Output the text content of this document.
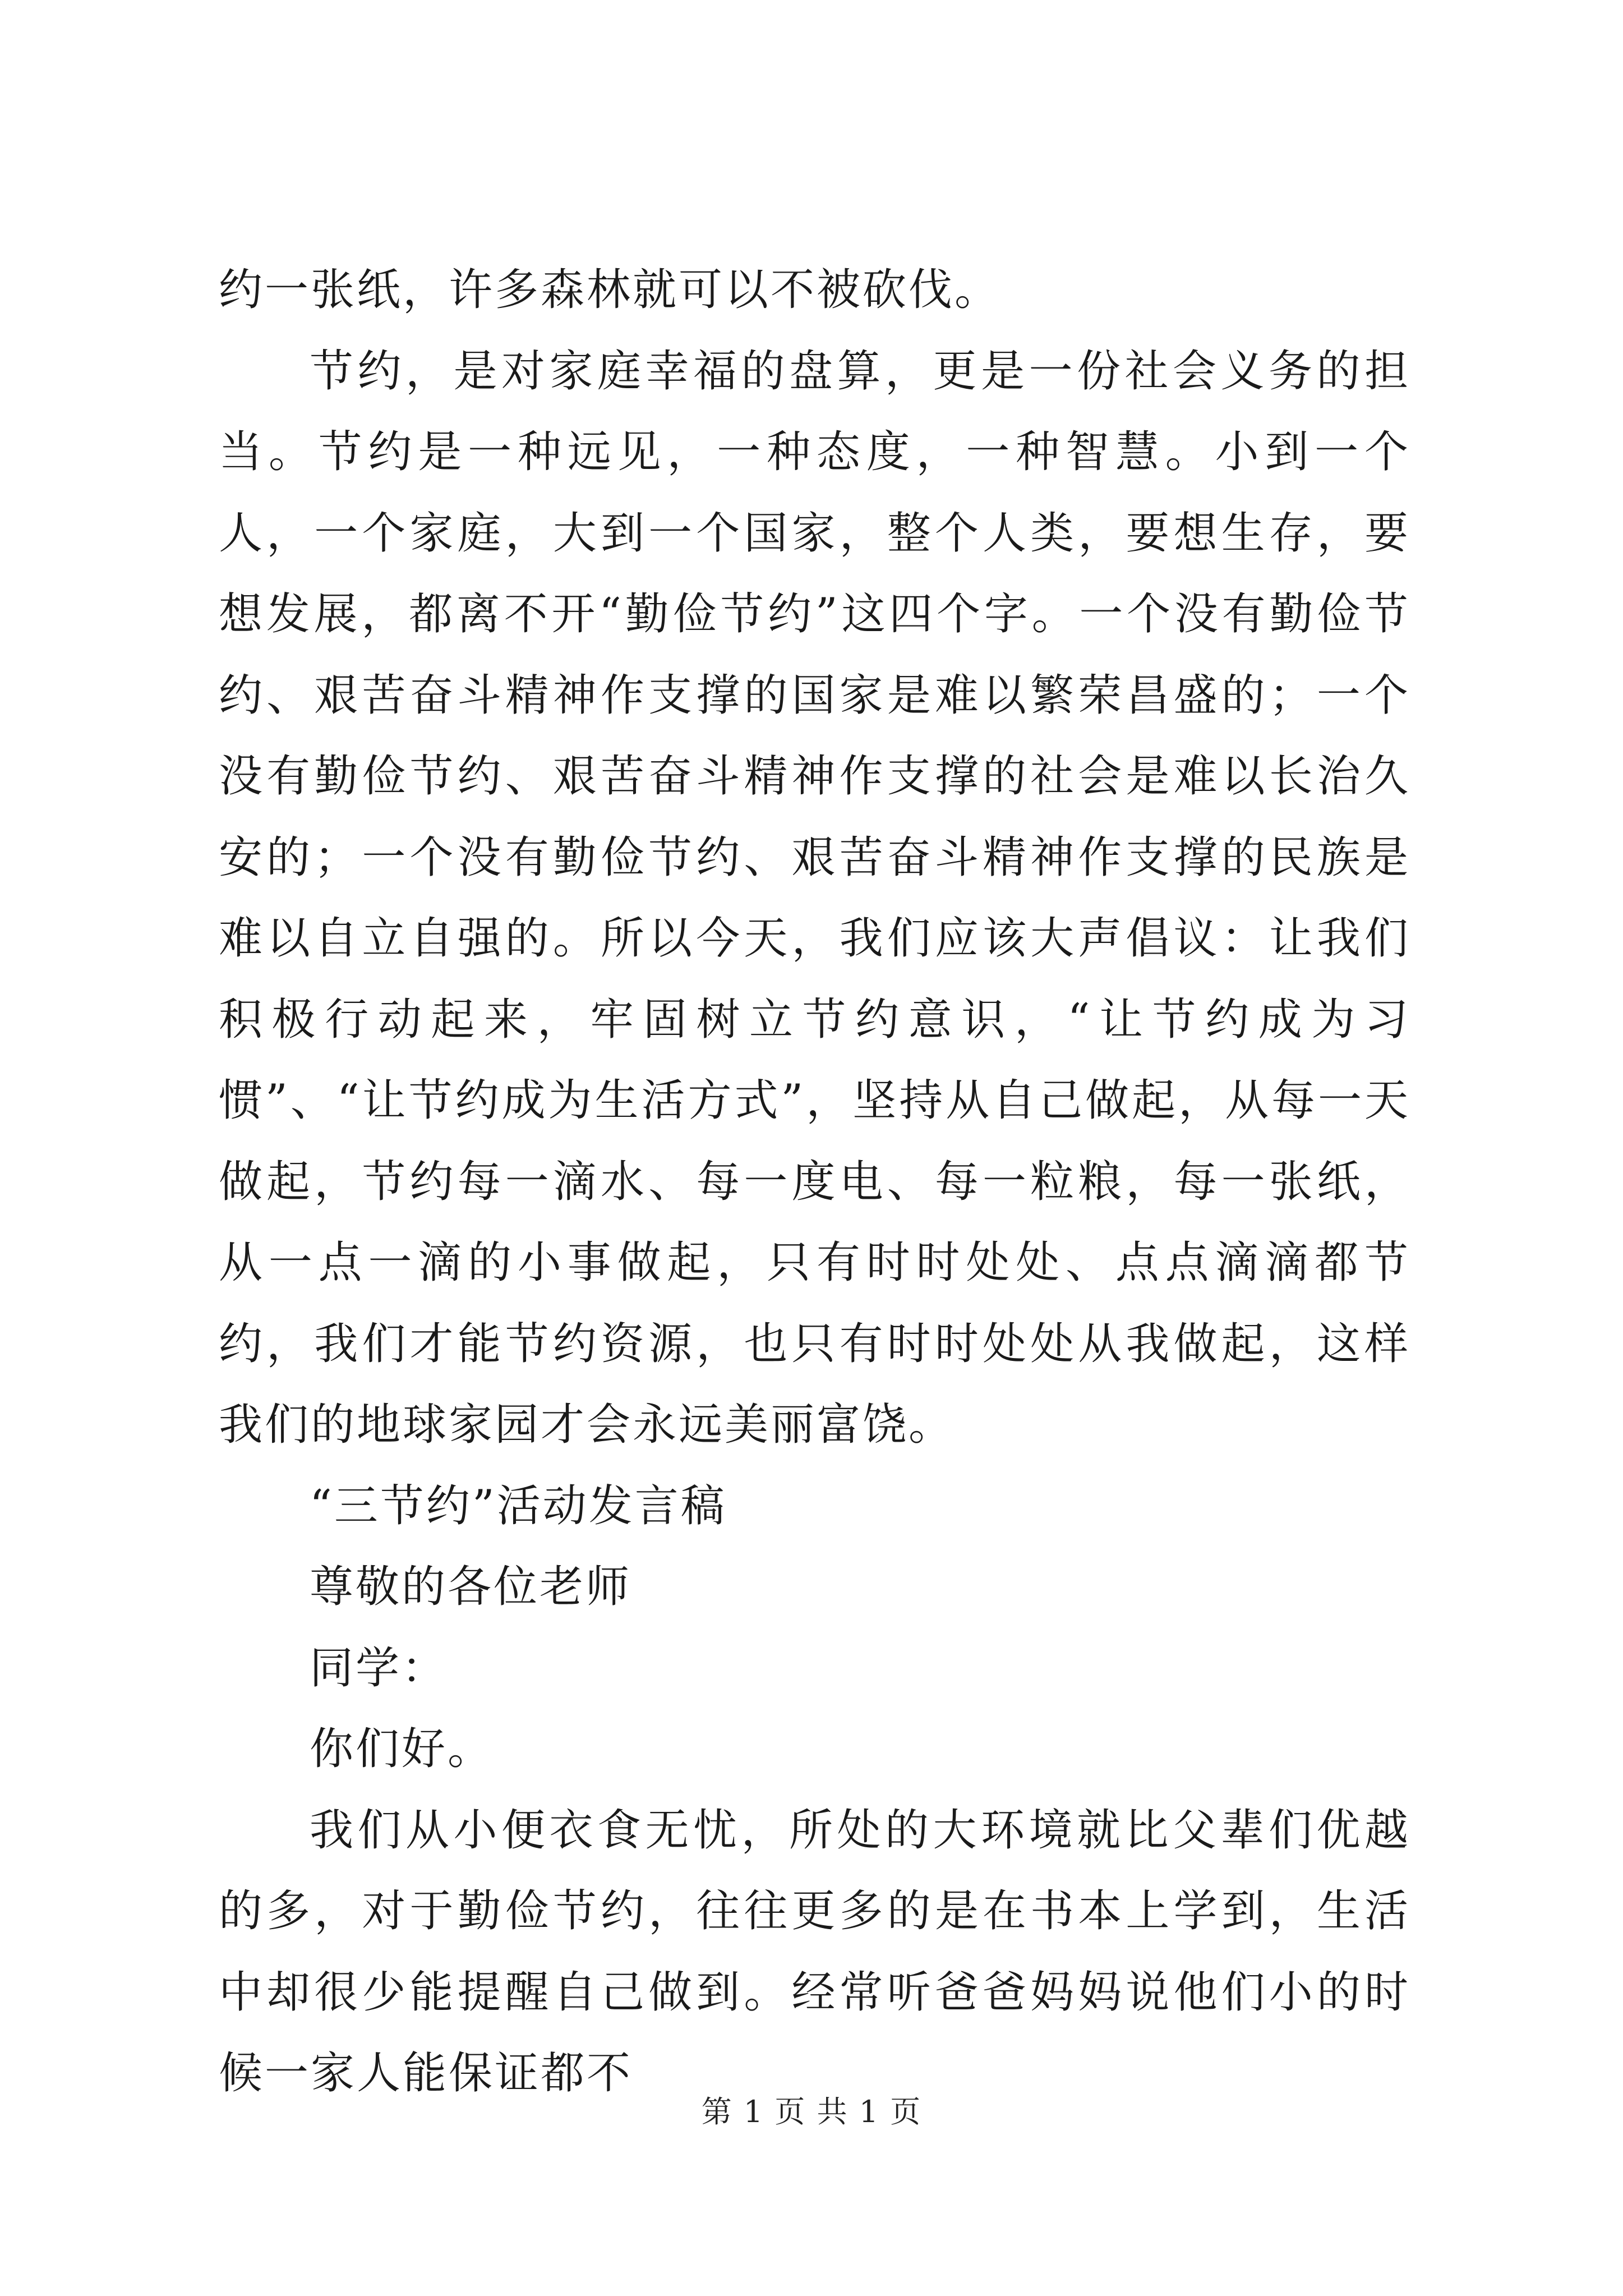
约一张纸，许多森林就可以不被砍伐。

节约，是对家庭幸福的盘算，更是一份社会义务的担当。节约是一种远见，一种态度，一种智慧。小到一个人，一个家庭，大到一个国家，整个人类，要想生存，要想发展，都离不开“勤俭节约”这四个字。一个没有勤俭节约、艰苦奋斗精神作支撑的国家是难以繁荣昌盛的；一个没有勤俭节约、艰苦奋斗精神作支撑的社会是难以长治久安的；一个没有勤俭节约、艰苦奋斗精神作支撑的民族是难以自立自强的。所以今天，我们应该大声倡议：让我们积极行动起来，牢固树立节约意识，“让节约成为习惯”、“让节约成为生活方式”，坚持从自己做起，从每一天做起，节约每一滴水、每一度电、每一粒粮，每一张纸，从一点一滴的小事做起，只有时时处处、点点滴滴都节约，我们才能节约资源，也只有时时处处从我做起，这样我们的地球家园才会永远美丽富饶。

“三节约”活动发言稿

尊敬的各位老师

同学：

你们好。

我们从小便衣食无忧，所处的大环境就比父辈们优越的多，对于勤俭节约，往往更多的是在书本上学到，生活中却很少能提醒自己做到。经常听爸爸妈妈说他们小的时候一家人能保证都不

第 1 页 共 1 页
